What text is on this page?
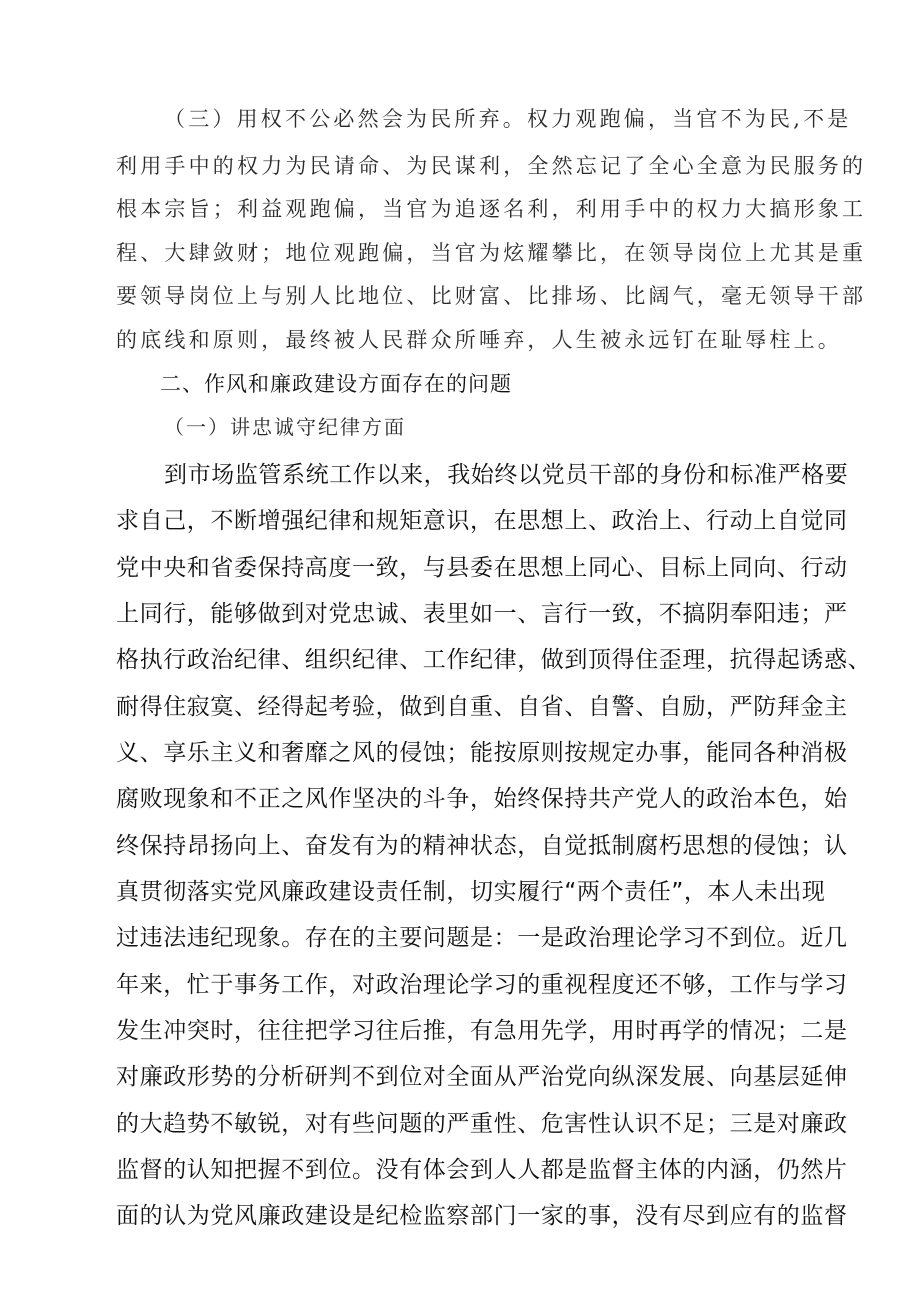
（三）用权不公必然会为民所弃。权力观跑偏，当官不为民,不是

利用手中的权力为民请命、为民谋利，全然忘记了全心全意为民服务的

根本宗旨；利益观跑偏，当官为追逐名利，利用手中的权力大搞形象工

程、大肆敛财；地位观跑偏，当官为炫耀攀比，在领导岗位上尤其是重

要领导岗位上与别人比地位、比财富、比排场、比阔气，毫无领导干部

的底线和原则，最终被人民群众所唾弃，人生被永远钉在耻辱柱上。

二、作风和廉政建设方面存在的问题

（一）讲忠诚守纪律方面

到市场监管系统工作以来，我始终以党员干部的身份和标准严格要

求自己，不断增强纪律和规矩意识，在思想上、政治上、行动上自觉同

党中央和省委保持高度一致，与县委在思想上同心、目标上同向、行动

上同行，能够做到对党忠诚、表里如一、言行一致，不搞阴奉阳违；严

格执行政治纪律、组织纪律、工作纪律，做到顶得住歪理，抗得起诱惑、

耐得住寂寞、经得起考验，做到自重、自省、自警、自励，严防拜金主

义、享乐主义和奢靡之风的侵蚀；能按原则按规定办事，能同各种消极

腐败现象和不正之风作坚决的斗争，始终保持共产党人的政治本色，始

终保持昂扬向上、奋发有为的精神状态，自觉抵制腐朽思想的侵蚀；认

真贯彻落实党风廉政建设责任制，切实履行“两个责任”，本人未出现

过违法违纪现象。存在的主要问题是：一是政治理论学习不到位。近几

年来，忙于事务工作，对政治理论学习的重视程度还不够，工作与学习

发生冲突时，往往把学习往后推，有急用先学，用时再学的情况；二是

对廉政形势的分析研判不到位对全面从严治党向纵深发展、向基层延伸

的大趋势不敏锐，对有些问题的严重性、危害性认识不足；三是对廉政

监督的认知把握不到位。没有体会到人人都是监督主体的内涵，仍然片

面的认为党风廉政建设是纪检监察部门一家的事，没有尽到应有的监督
